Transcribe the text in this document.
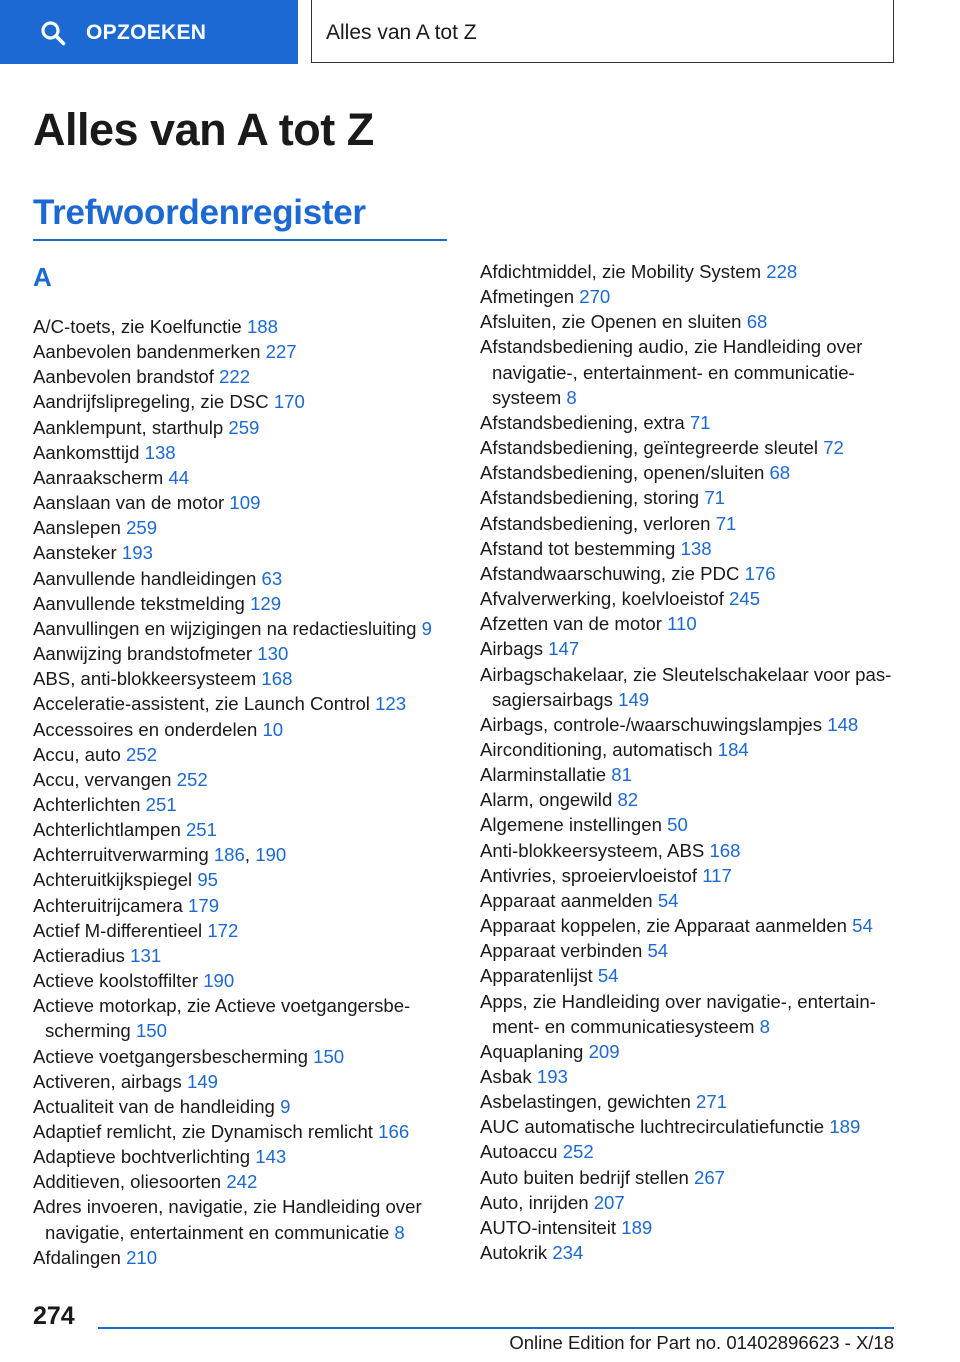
OPZOEKEN	Alles van A tot Z
Alles van A tot Z
Trefwoordenregister
A
A/C-toets, zie Koelfunctie 188
Aanbevolen bandenmerken 227
Aanbevolen brandstof 222
Aandrijfslipregeling, zie DSC 170
Aanklempunt, starthulp 259
Aankomsttijd 138
Aanraakscherm 44
Aanslaan van de motor 109
Aanslepen 259
Aansteker 193
Aanvullende handleidingen 63
Aanvullende tekstmelding 129
Aanvullingen en wijzigingen na redactiesluiting 9
Aanwijzing brandstofmeter 130
ABS, anti-blokkeersysteem 168
Acceleratie-assistent, zie Launch Control 123
Accessoires en onderdelen 10
Accu, auto 252
Accu, vervangen 252
Achterlichten 251
Achterlichtlampen 251
Achterruitverwarming 186, 190
Achteruitkijkspiegel 95
Achteruitrijcamera 179
Actief M-differentieel 172
Actieradius 131
Actieve koolstoffilter 190
Actieve motorkap, zie Actieve voetgangersbe-scherming 150
Actieve voetgangersbescherming 150
Activeren, airbags 149
Actualiteit van de handleiding 9
Adaptief remlicht, zie Dynamisch remlicht 166
Adaptieve bochtverlichting 143
Additieven, oliesoorten 242
Adres invoeren, navigatie, zie Handleiding over navigatie, entertainment en communicatie 8
Afdalingen 210
Afdichtmiddel, zie Mobility System 228
Afmetingen 270
Afsluiten, zie Openen en sluiten 68
Afstandsbediening audio, zie Handleiding over navigatie-, entertainment- en communicatie-systeem 8
Afstandsbediening, extra 71
Afstandsbediening, geïntegreerde sleutel 72
Afstandsbediening, openen/sluiten 68
Afstandsbediening, storing 71
Afstandsbediening, verloren 71
Afstand tot bestemming 138
Afstandwaarschuwing, zie PDC 176
Afvalverwerking, koelvloeistof 245
Afzetten van de motor 110
Airbags 147
Airbagschakelaar, zie Sleutelschakelaar voor pas-sagiersairbags 149
Airbags, controle-/waarschuwingslampjes 148
Airconditioning, automatisch 184
Alarminstallatie 81
Alarm, ongewild 82
Algemene instellingen 50
Anti-blokkeersysteem, ABS 168
Antivries, sproeiervloeistof 117
Apparaat aanmelden 54
Apparaat koppelen, zie Apparaat aanmelden 54
Apparaat verbinden 54
Apparatenlijst 54
Apps, zie Handleiding over navigatie-, entertain-ment- en communicatiesysteem 8
Aquaplaning 209
Asbak 193
Asbelastingen, gewichten 271
AUC automatische luchtrecirculatiefunctie 189
Autoaccu 252
Auto buiten bedrijf stellen 267
Auto, inrijden 207
AUTO-intensiteit 189
Autokrik 234
274
Online Edition for Part no. 01402896623 - X/18
